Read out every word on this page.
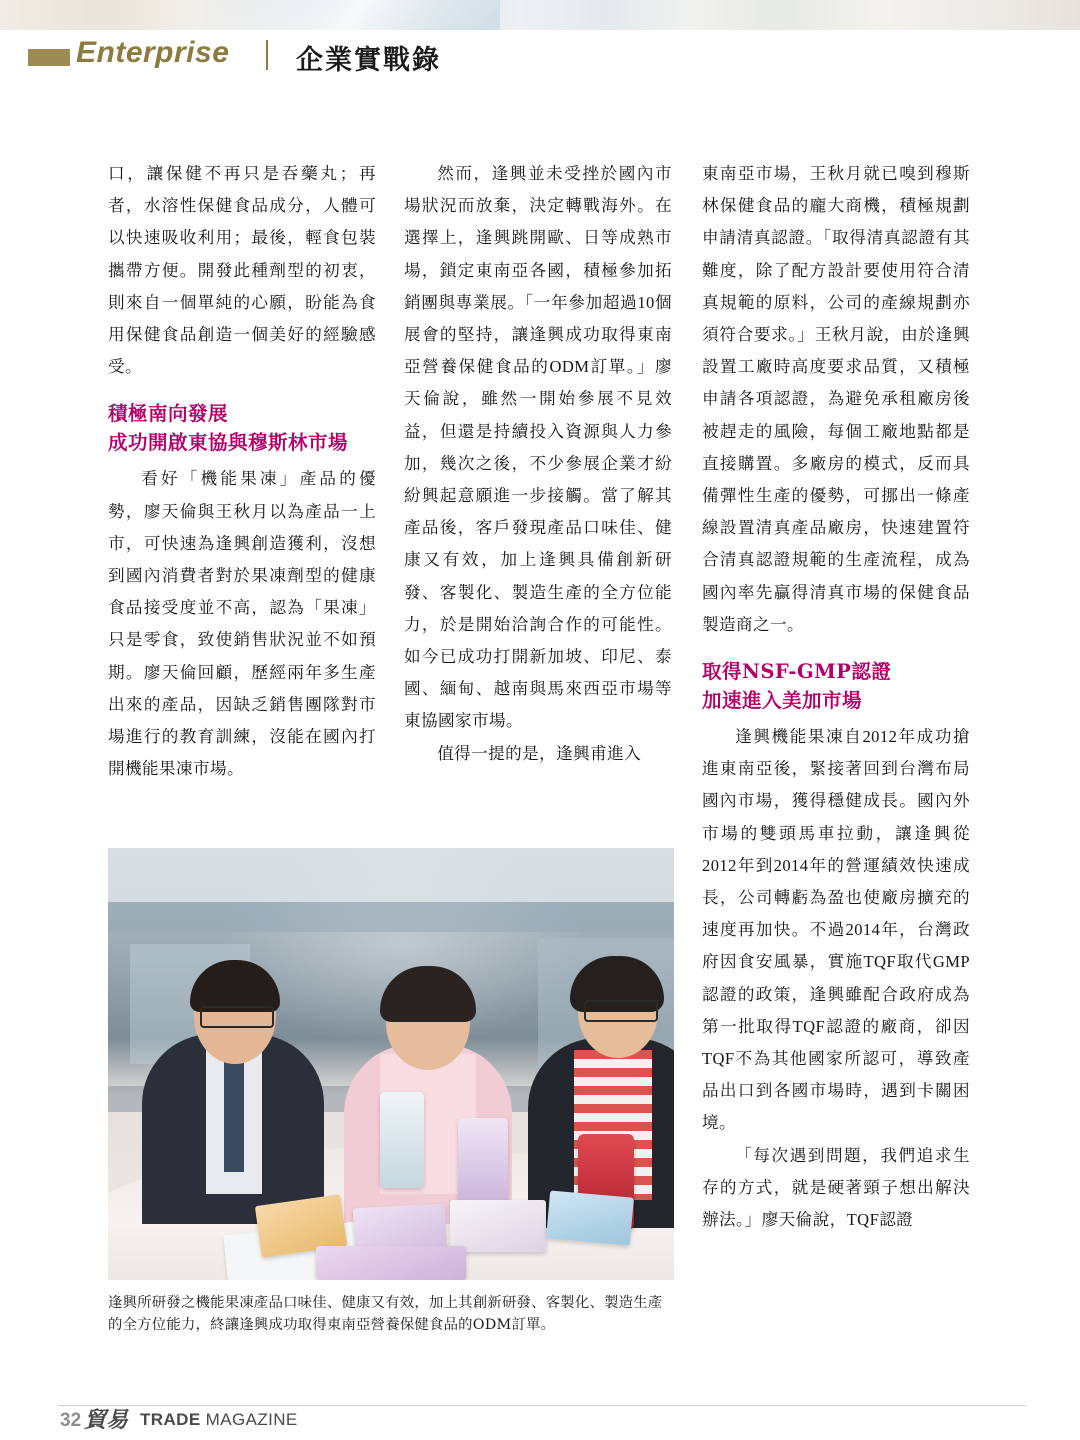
Enterprise 企業實戰錄

口，讓保健不再只是吞藥丸；再者，水溶性保健食品成分，人體可以快速吸收利用；最後，輕食包裝攜帶方便。開發此種劑型的初衷，則來自一個單純的心願，盼能為食用保健食品創造一個美好的經驗感受。

積極南向發展
成功開啟東協與穆斯林市場

看好「機能果凍」產品的優勢，廖天倫與王秋月以為產品一上市，可快速為逢興創造獲利，沒想到國內消費者對於果凍劑型的健康食品接受度並不高，認為「果凍」只是零食，致使銷售狀況並不如預期。廖天倫回顧，歷經兩年多生產出來的產品，因缺乏銷售團隊對市場進行的教育訓練，沒能在國內打開機能果凍市場。

然而，逢興並未受挫於國內市場狀況而放棄，決定轉戰海外。在選擇上，逢興跳開歐、日等成熟市場，鎖定東南亞各國，積極參加拓銷團與專業展。「一年參加超過10個展會的堅持，讓逢興成功取得東南亞營養保健食品的ODM訂單。」廖天倫說，雖然一開始參展不見效益，但還是持續投入資源與人力參加，幾次之後，不少參展企業才紛紛興起意願進一步接觸。當了解其產品後，客戶發現產品口味佳、健康又有效，加上逢興具備創新研發、客製化、製造生產的全方位能力，於是開始洽詢合作的可能性。如今已成功打開新加坡、印尼、泰國、緬甸、越南與馬來西亞市場等東協國家市場。

值得一提的是，逢興甫進入

東南亞市場，王秋月就已嗅到穆斯林保健食品的龐大商機，積極規劃申請清真認證。「取得清真認證有其難度，除了配方設計要使用符合清真規範的原料，公司的產線規劃亦須符合要求。」王秋月說，由於逢興設置工廠時高度要求品質，又積極申請各項認證，為避免承租廠房後被趕走的風險，每個工廠地點都是直接購置。多廠房的模式，反而具備彈性生產的優勢，可挪出一條產線設置清真產品廠房，快速建置符合清真認證規範的生產流程，成為國內率先贏得清真市場的保健食品製造商之一。

取得NSF-GMP認證
加速進入美加市場

逢興機能果凍自2012年成功搶進東南亞後，緊接著回到台灣布局國內市場，獲得穩健成長。國內外市場的雙頭馬車拉動，讓逢興從2012年到2014年的營運績效快速成長，公司轉虧為盈也使廠房擴充的速度再加快。不過2014年，台灣政府因食安風暴，實施TQF取代GMP認證的政策，逢興雖配合政府成為第一批取得TQF認證的廠商，卻因TQF不為其他國家所認可，導致產品出口到各國市場時，遇到卡關困境。

「每次遇到問題，我們追求生存的方式，就是硬著頸子想出解決辦法。」廖天倫說，TQF認證

逢興所研發之機能果凍產品口味佳、健康又有效，加上其創新研發、客製化、製造生產的全方位能力，終讓逢興成功取得東南亞營養保健食品的ODM訂單。
32 貿易 TRADE MAGAZINE
